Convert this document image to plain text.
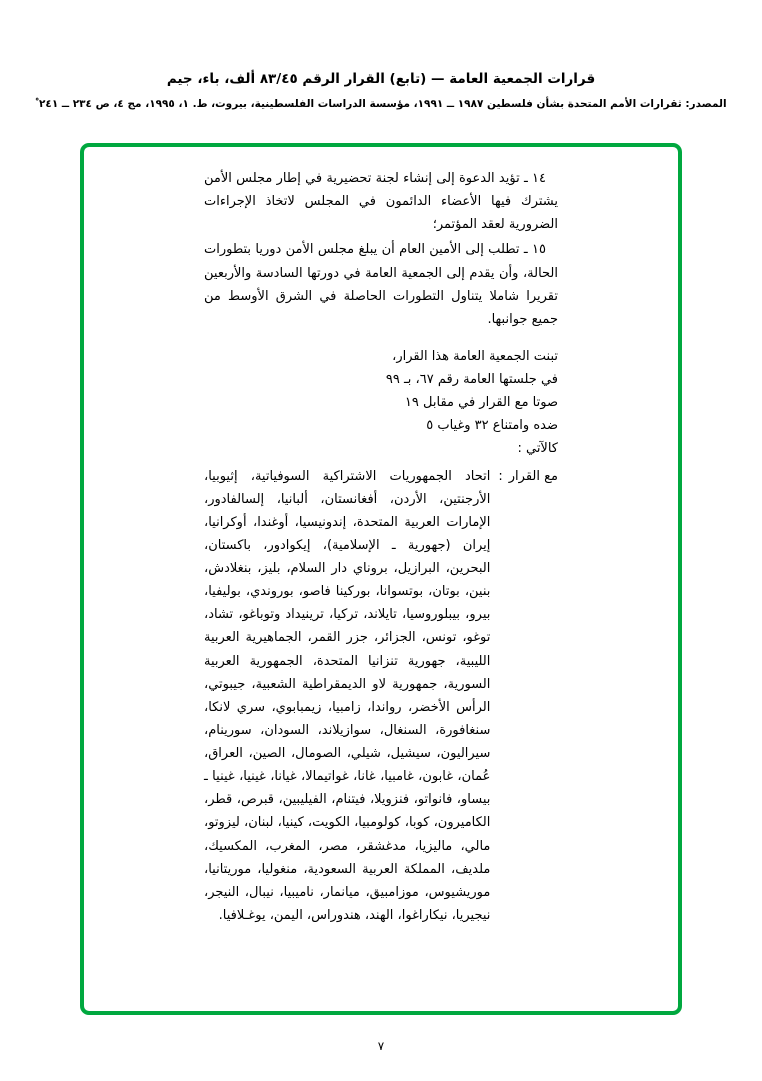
قرارات الجمعية العامة — (تابع) القرار الرقم ٨٣/٤٥ ألف، باء، جيم
المصدر: ثقرارات الأمم المتحدة بشأن فلسطين ١٩٨٧ ــ ١٩٩١، مؤسسة الدراسات الفلسطينية، بيروت، ط. ١، ١٩٩٥، مج ٤، ص ٢٣٤ ــ ٢٤١ ْ

١٤ ـ تؤيد الدعوة إلى إنشاء لجنة تحضيرية في إطار مجلس الأمن يشترك فيها الأعضاء الدائمون في المجلس لاتخاذ الإجراءات الضرورية لعقد المؤتمر؛

١٥ ـ تطلب إلى الأمين العام أن يبلغ مجلس الأمن دوريا بتطورات الحالة، وأن يقدم إلى الجمعية العامة في دورتها السادسة والأربعين تقريرا شاملا يتناول التطورات الحاصلة في الشرق الأوسط من جميع جوانبها.

تبنت الجمعية العامة هذا القرار،
في جلستها العامة رقم ٦٧، بـ ٩٩
صوتا مع القرار في مقابل ١٩
ضده وامتناع ٣٢ وغياب ٥
كالآتي :
مع القرار
:
اتحاد الجمهوريات الاشتراكية السوفياتية، إثيوبيا، الأرجنتين، الأردن، أفغانستان، ألبانيا، إلسالفادور، الإمارات العربية المتحدة، إندونيسيا، أوغندا، أوكرانيا، إيران (جهورية ـ الإسلامية)، إيكوادور، باكستان، البحرين، البرازيل، بروناي دار السلام، بليز، بنغلادش، بنين، بوتان، بوتسوانا، بوركينا فاصو، بوروندي، بوليفيا، بيرو، بيبلوروسيا، تايلاند، تركيا، ترينيداد وتوباغو، تشاد، توغو، تونس، الجزائر، جزر القمر، الجماهيرية العربية الليبية، جهورية تنزانيا المتحدة، الجمهورية العربية السورية، جمهورية لاو الديمقراطية الشعبية، جيبوتي، الرأس الأخضر، رواندا، زامبيا، زيمبابوي، سري لانكا، سنغافورة، السنغال، سوازيلاند، السودان، سورينام، سيراليون، سيشيل، شيلي، الصومال، الصين، العراق، عُمان، غابون، غامبيا، غانا، غواتيمالا، غيانا، غينيا، غينيا ـ بيساو، فانواتو، فنزويلا، فيتنام، الفيليبين، قبرص، قطر، الكاميرون، كوبا، كولومبيا، الكويت، كينيا، لبنان، ليزوتو، مالي، ماليزيا، مدغشقر، مصر، المغرب، المكسيك، ملديف، المملكة العربية السعودية، منغوليا، موريتانيا، موريشيوس، موزامبيق، ميانمار، ناميبيا، نيبال، النيجر، نيجيريا، نيكاراغوا، الهند، هندوراس، اليمن، يوغـلافيا.
٧
